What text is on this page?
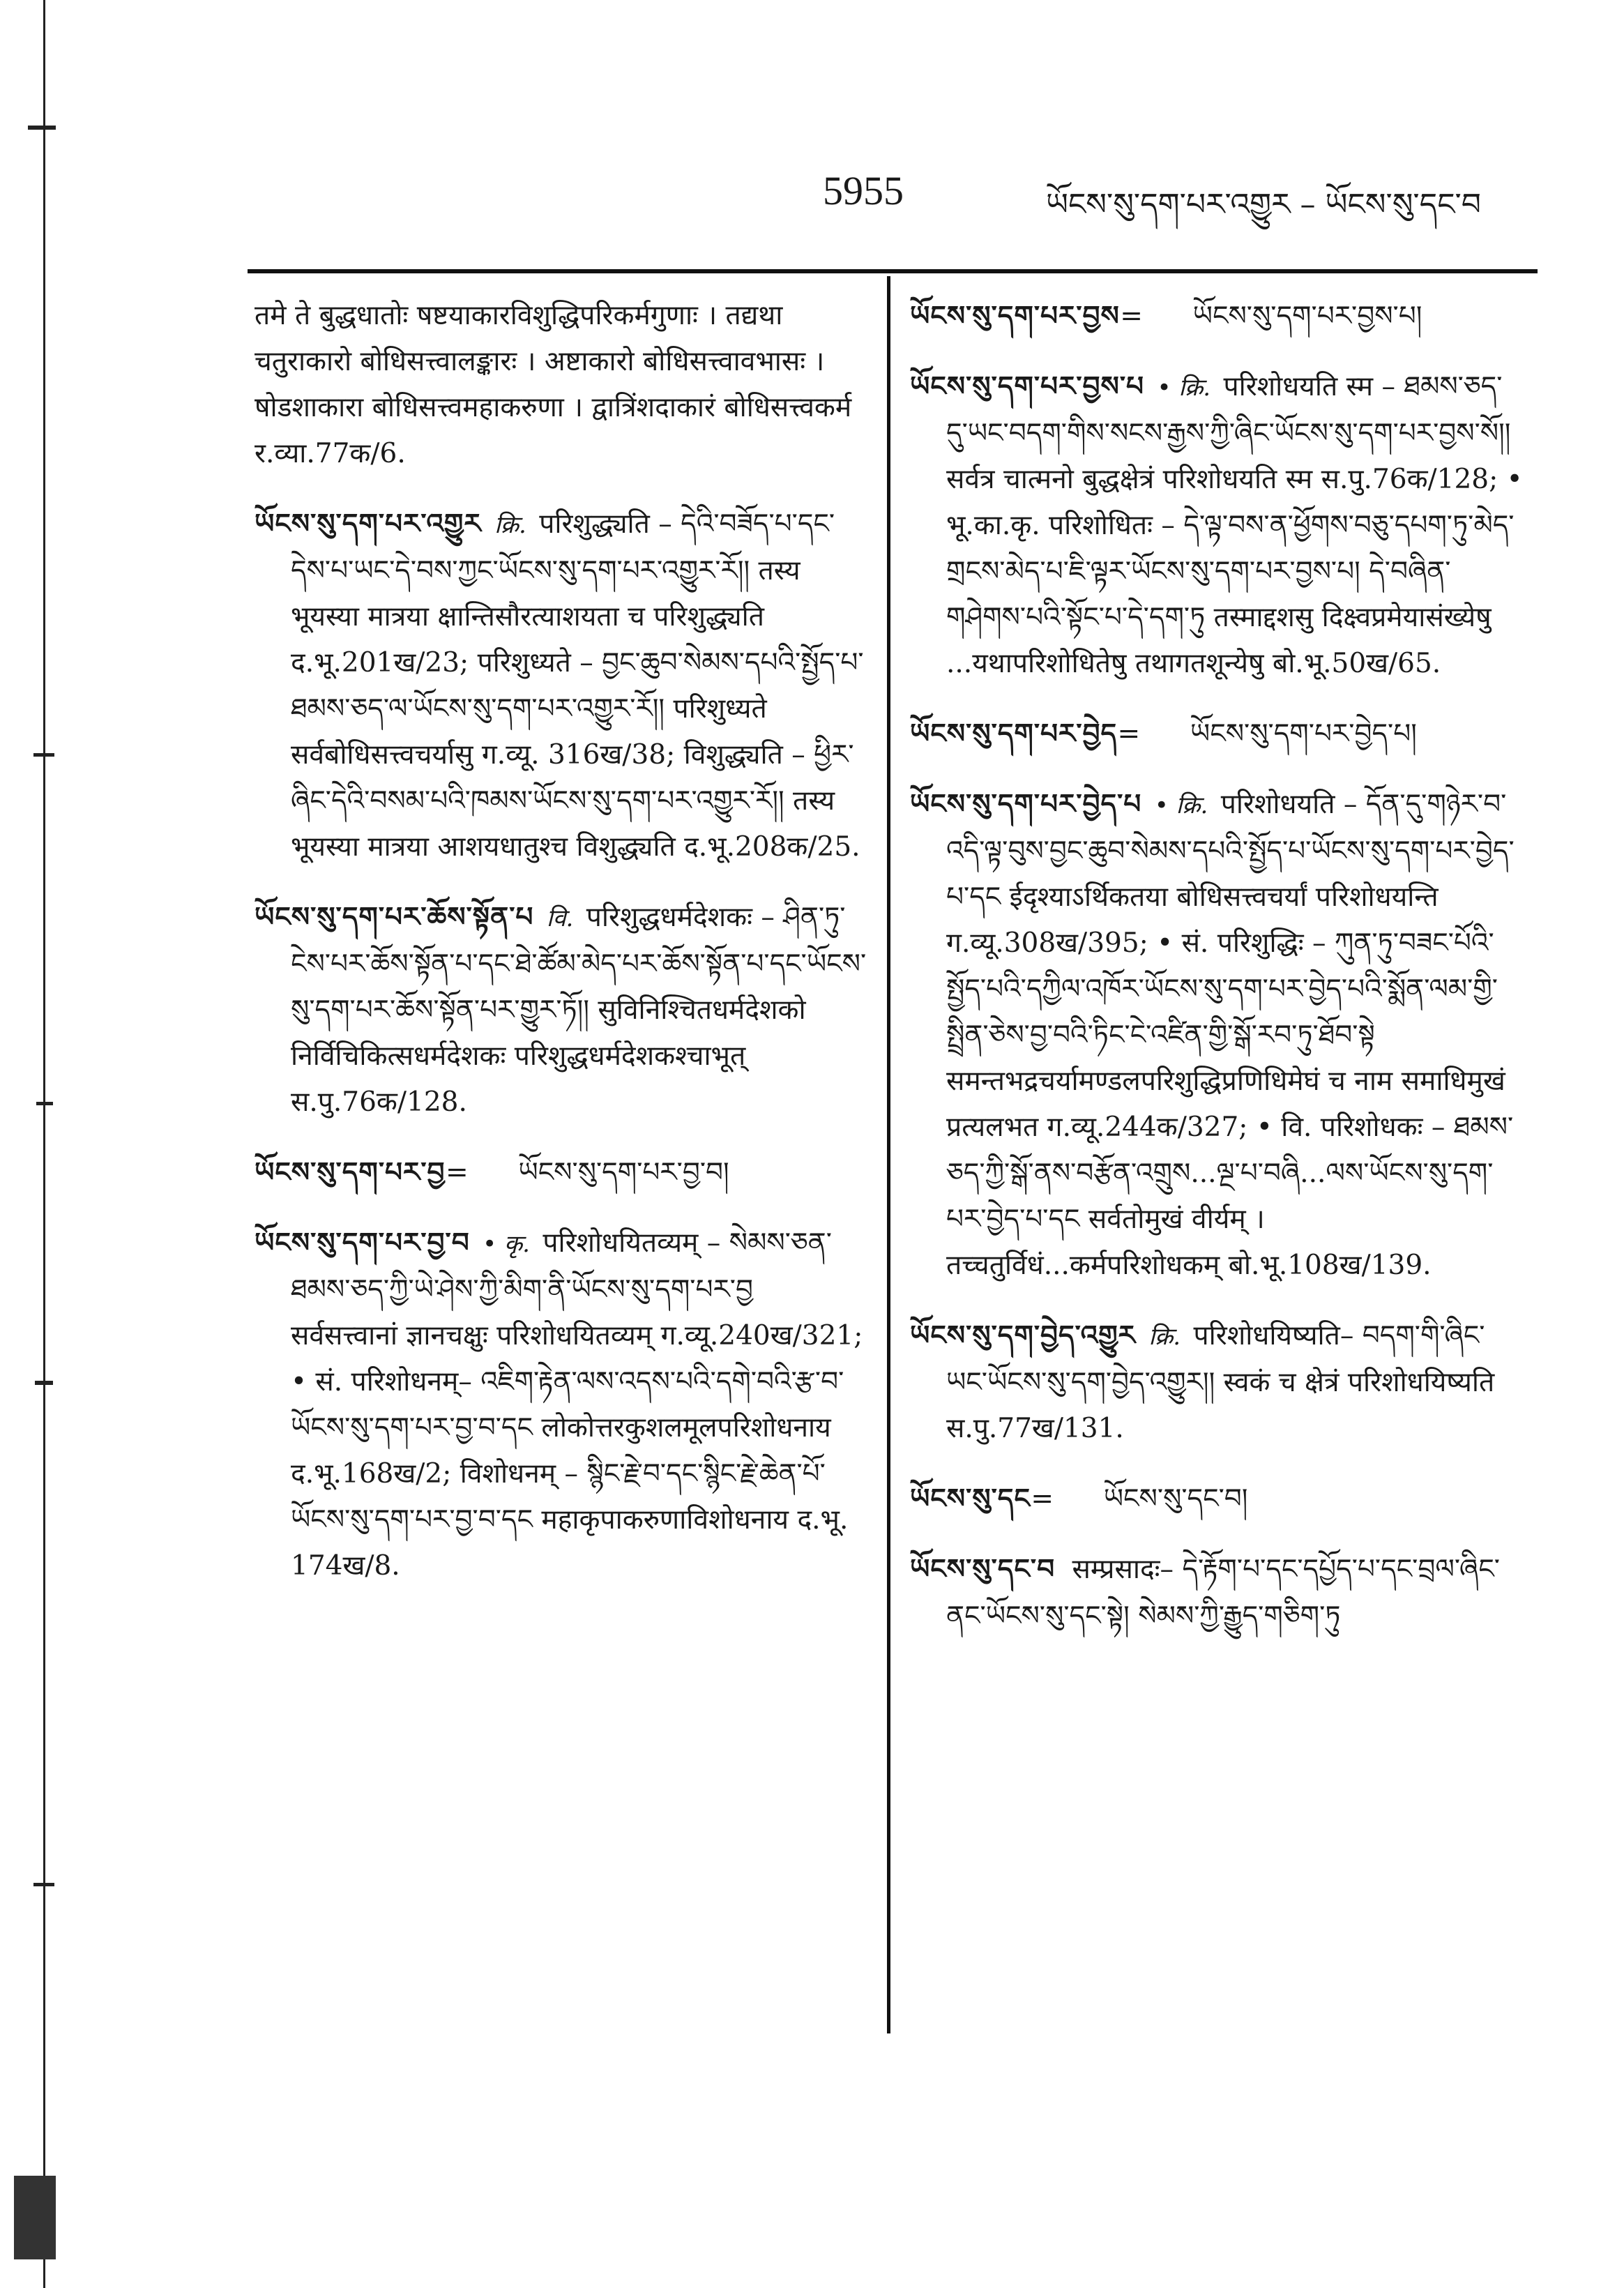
5955	ཡོངས་སུ་དག་པར་འགྱུར – ཡོངས་སུ་དང་བ

तमे ते बुद्धधातोः षष्टयाकारविशुद्धिपरिकर्मगुणाः । तद्यथा चतुराकारो बोधिसत्त्वालङ्कारः । अष्टाकारो बोधिसत्त्वावभासः । षोडशाकारा बोधिसत्त्वमहाकरुणा । द्वात्रिंशदाकारं बोधिसत्त्वकर्म र.व्या.77क/6.

ཡོངས་སུ་དག་པར་འགྱུར क्रि. परिशुद्ध्यति – དེའི་བཟོད་པ་དང་དེས་པ་ཡང་དེ་བས་ཀྱང་ཡོངས་སུ་དག་པར་འགྱུར་རོ།། तस्य भूयस्या मात्रया क्षान्तिसौरत्याशयता च परिशुद्ध्यति द.भू.201ख/23; परिशुध्यते – བྱང་ཆུབ་སེམས་དཔའི་སྤྱོད་པ་ཐམས་ཅད་ལ་ཡོངས་སུ་དག་པར་འགྱུར་རོ།། परिशुध्यते सर्वबोधिसत्त्वचर्यासु ग.व्यू. 316ख/38; विशुद्ध्यति – ཕྱིར་ཞིང་དེའི་བསམ་པའི་ཁམས་ཡོངས་སུ་དག་པར་འགྱུར་རོ།། तस्य भूयस्या मात्रया आशयधातुश्च विशुद्ध्यति द.भू.208क/25.

ཡོངས་སུ་དག་པར་ཆོས་སྟོན་པ वि. परिशुद्धधर्मदेशकः – ཤིན་ཏུ་ངེས་པར་ཆོས་སྟོན་པ་དང་ཐེ་ཚོམ་མེད་པར་ཆོས་སྟོན་པ་དང་ཡོངས་སུ་དག་པར་ཆོས་སྟོན་པར་གྱུར་ཏོ།། सुविनिश्चितधर्मदेशको निर्विचिकित्सधर्मदेशकः परिशुद्धधर्मदेशकश्चाभूत् स.पु.76क/128.

ཡོངས་སུ་དག་པར་བྱ = ཡོངས་སུ་དག་པར་བྱ་བ།

ཡོངས་སུ་དག་པར་བྱ་བ • कृ. परिशोधयितव्यम् – སེམས་ཅན་ཐམས་ཅད་ཀྱི་ཡེ་ཤེས་ཀྱི་མིག་ནི་ཡོངས་སུ་དག་པར་བྱ सर्वसत्त्वानां ज्ञानचक्षुः परिशोधयितव्यम् ग.व्यू.240ख/321; • सं. परिशोधनम्– འཇིག་རྟེན་ལས་འདས་པའི་དགེ་བའི་རྩ་བ་ཡོངས་སུ་དག་པར་བྱ་བ་དང लोकोत्तरकुशलमूलपरिशोधनाय द.भू.168ख/2; विशोधनम् – སྙིང་རྗེ་བ་དང་སྙིང་རྗེ་ཆེན་པོ་ཡོངས་སུ་དག་པར་བྱ་བ་དང महाकृपाकरुणाविशोधनाय द.भू. 174ख/8.

ཡོངས་སུ་དག་པར་བྱས = ཡོངས་སུ་དག་པར་བྱས་པ།

ཡོངས་སུ་དག་པར་བྱས་པ • क्रि. परिशोधयति स्म – ཐམས་ཅད་དུ་ཡང་བདག་གིས་སངས་རྒྱས་ཀྱི་ཞིང་ཡོངས་སུ་དག་པར་བྱས་སོ།། सर्वत्र चात्मनो बुद्धक्षेत्रं परिशोधयति स्म स.पु.76क/128; • भू.का.कृ. परिशोधितः – དེ་ལྟ་བས་ན་ཕྱོགས་བཅུ་དཔག་ཏུ་མེད་གྲངས་མེད་པ་ཇི་ལྟར་ཡོངས་སུ་དག་པར་བྱས་པ། དེ་བཞིན་གཤེགས་པའི་སྟོང་པ་དེ་དག་ཏུ तस्माद्दशसु दिक्ष्वप्रमेयासंख्येषु ...यथापरिशोधितेषु तथागतशून्येषु बो.भू.50ख/65.

ཡོངས་སུ་དག་པར་བྱེད = ཡོངས་སུ་དག་པར་བྱེད་པ།

ཡོངས་སུ་དག་པར་བྱེད་པ • क्रि. परिशोधयति – དོན་དུ་གཉེར་བ་འདི་ལྟ་བུས་བྱང་ཆུབ་སེམས་དཔའི་སྤྱོད་པ་ཡོངས་སུ་དག་པར་བྱེད་པ་དང ईदृश्याऽर्थिकतया बोधिसत्त्वचर्यां परिशोधयन्ति ग.व्यू.308ख/395; • सं. परिशुद्धिः – ཀུན་ཏུ་བཟང་པོའི་སྤྱོད་པའི་དཀྱིལ་འཁོར་ཡོངས་སུ་དག་པར་བྱེད་པའི་སྨོན་ལམ་གྱི་སྤྲིན་ཅེས་བྱ་བའི་ཏིང་ངེ་འཛིན་གྱི་སྒོ་རབ་ཏུ་ཐོབ་སྟེ समन्तभद्रचर्यामण्डलपरिशुद्धिप्रणिधिमेघं च नाम समाधिमुखं प्रत्यलभत ग.व्यू.244क/327; • वि. परिशोधकः – ཐམས་ཅད་ཀྱི་སྒོ་ནས་བརྩོན་འགྲུས...ལྔ་པ་བཞི...ལས་ཡོངས་སུ་དག་པར་བྱེད་པ་དང सर्वतोमुखं वीर्यम् । तच्चतुर्विधं...कर्मपरिशोधकम् बो.भू.108ख/139.

ཡོངས་སུ་དག་བྱེད་འགྱུར क्रि. परिशोधयिष्यति– བདག་གི་ཞིང་ཡང་ཡོངས་སུ་དག་བྱེད་འགྱུར།། स्वकं च क्षेत्रं परिशोधयिष्यति स.पु.77ख/131.

ཡོངས་སུ་དང = ཡོངས་སུ་དང་བ།

ཡོངས་སུ་དང་བ सम्प्रसादः– དེ་རྟོག་པ་དང་དཔྱོད་པ་དང་བྲལ་ཞིང་ནང་ཡོངས་སུ་དང་སྟེ། སེམས་ཀྱི་རྒྱུད་གཅིག་ཏུ
